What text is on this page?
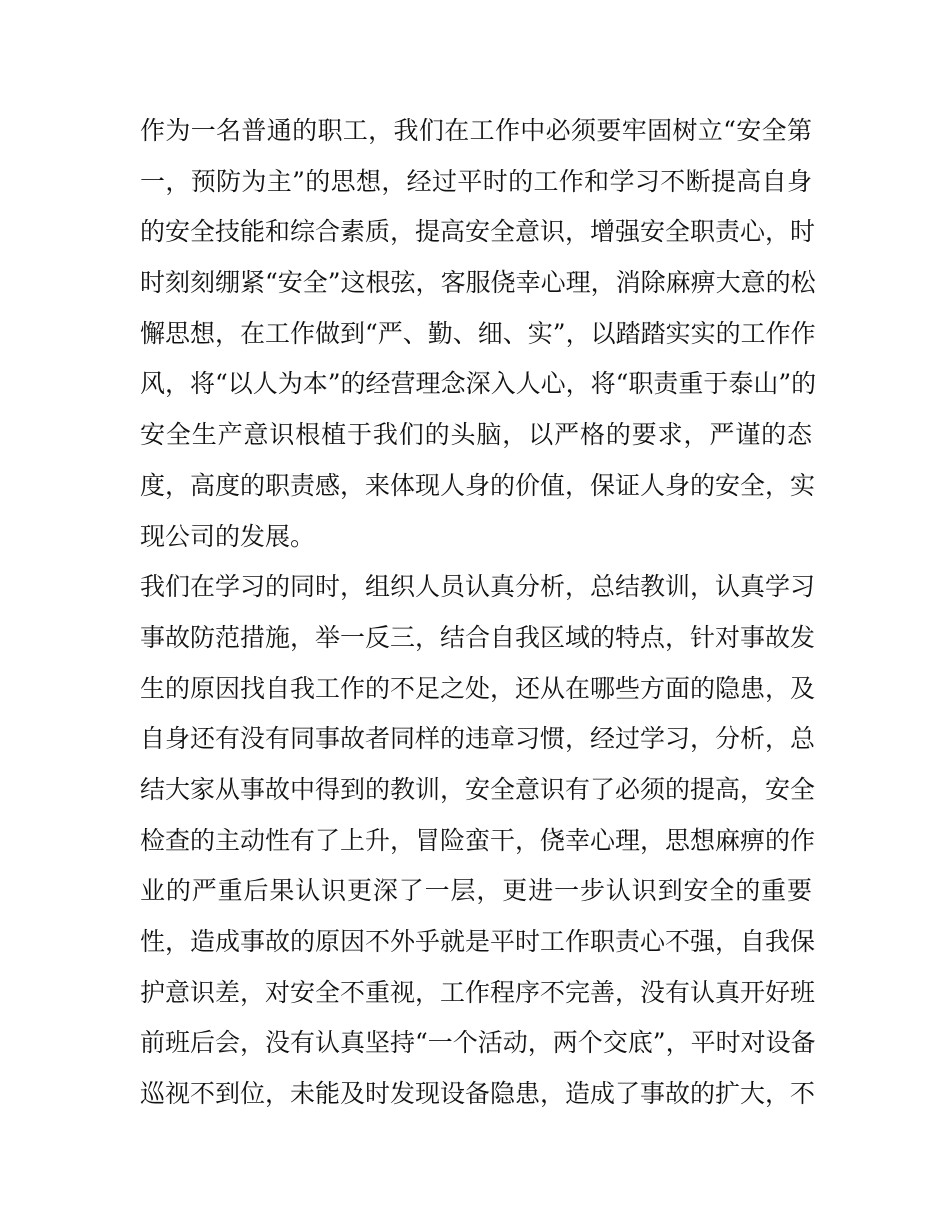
作为一名普通的职工，我们在工作中必须要牢固树立“安全第
一，预防为主”的思想，经过平时的工作和学习不断提高自身
的安全技能和综合素质，提高安全意识，增强安全职责心，时
时刻刻绷紧“安全”这根弦，客服侥幸心理，消除麻痹大意的松
懈思想，在工作做到“严、勤、细、实”，以踏踏实实的工作作
风，将“以人为本”的经营理念深入人心，将“职责重于泰山”的
安全生产意识根植于我们的头脑，以严格的要求，严谨的态
度，高度的职责感，来体现人身的价值，保证人身的安全，实
现公司的发展。
我们在学习的同时，组织人员认真分析，总结教训，认真学习
事故防范措施，举一反三，结合自我区域的特点，针对事故发
生的原因找自我工作的不足之处，还从在哪些方面的隐患，及
自身还有没有同事故者同样的违章习惯，经过学习，分析，总
结大家从事故中得到的教训，安全意识有了必须的提高，安全
检查的主动性有了上升，冒险蛮干，侥幸心理，思想麻痹的作
业的严重后果认识更深了一层，更进一步认识到安全的重要
性，造成事故的原因不外乎就是平时工作职责心不强，自我保
护意识差，对安全不重视，工作程序不完善，没有认真开好班
前班后会，没有认真坚持“一个活动，两个交底”，平时对设备
巡视不到位，未能及时发现设备隐患，造成了事故的扩大，不
